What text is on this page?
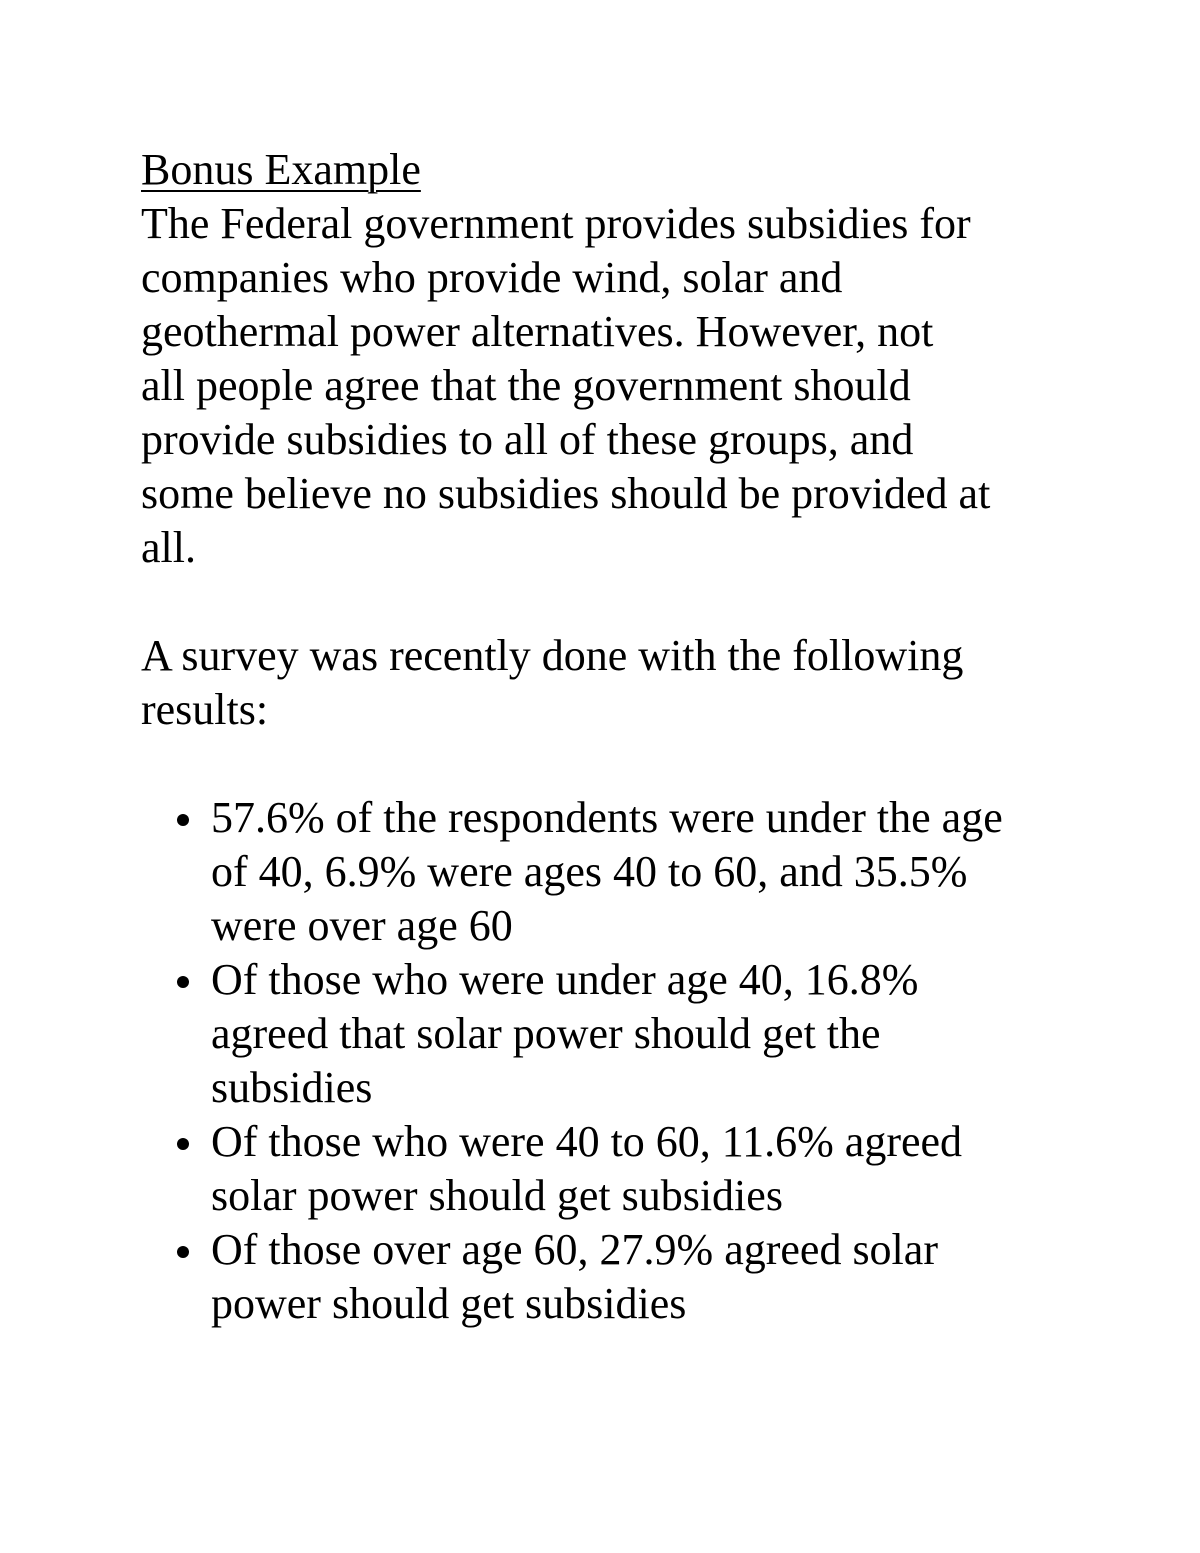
Bonus Example
The Federal government provides subsidies for
companies who provide wind, solar and
geothermal power alternatives. However, not
all people agree that the government should
provide subsidies to all of these groups, and
some believe no subsidies should be provided at
all.
A survey was recently done with the following
results:
57.6% of the respondents were under the age
of 40, 6.9% were ages 40 to 60, and 35.5%
were over age 60
Of those who were under age 40, 16.8%
agreed that solar power should get the
subsidies
Of those who were 40 to 60, 11.6% agreed
solar power should get subsidies
Of those over age 60, 27.9% agreed solar
power should get subsidies
